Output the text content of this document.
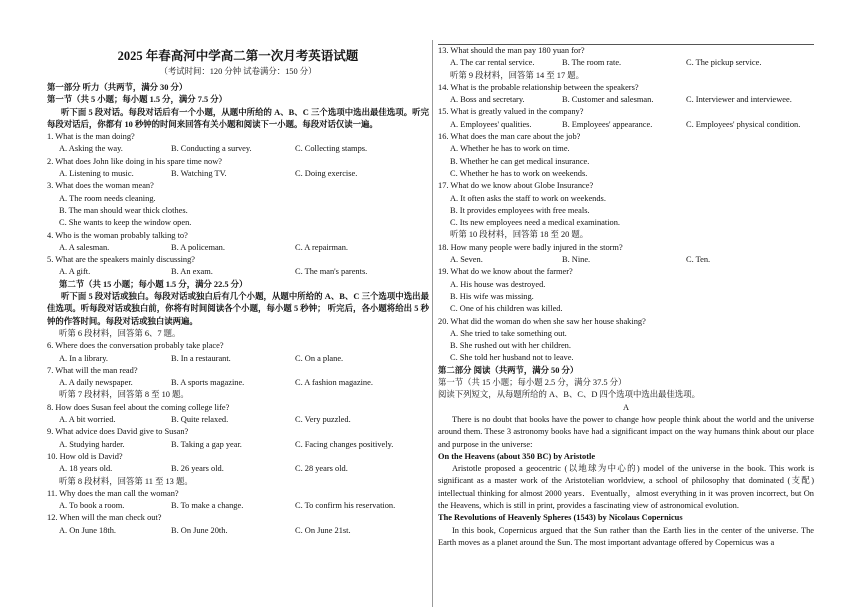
2025 年春高河中学高二第一次月考英语试题
（考试时间：120 分钟 试卷满分：150 分）
第一部分 听力（共两节，满分 30 分）
第一节（共 5 小题；每小题 1.5 分，满分 7.5 分）
听下面 5 段对话。每段对话后有一个小题，从题中所给的 A、B、C 三个选项中选出最佳选项。听完每段对话后，你都有 10 秒钟的时间来回答有关小题和阅读下一小题。每段对话仅读一遍。
1. What is the man doing?
A. Asking the way.	B. Conducting a survey.	C. Collecting stamps.
2. What does John like doing in his spare time now?
A. Listening to music.	B. Watching TV.	C. Doing exercise.
3. What does the woman mean?
A. The room needs cleaning.
B. The man should wear thick clothes.
C. She wants to keep the window open.
4. Who is the woman probably talking to?
A. A salesman.	B. A policeman.	C. A repairman.
5. What are the speakers mainly discussing?
A. A gift.	B. An exam.	C. The man's parents.
第二节（共 15 小题；每小题 1.5 分，满分 22.5 分）
听下面 5 段对话或独白。每段对话或独白后有几个小题，从题中所给的 A、B、C 三个选项中选出最佳选项。听每段对话或独白前，你将有时间阅读各个小题，每小题 5 秒钟； 听完后，各小题将给出 5 秒钟的作答时间。每段对话或独白读两遍。
听第 6 段材料，回答第 6、7 题。
6. Where does the conversation probably take place?
A. In a library.	B. In a restaurant.	C. On a plane.
7. What will the man read?
A. A daily newspaper.	B. A sports magazine.	C. A fashion magazine.
听第 7 段材料，回答第 8 至 10 题。
8. How does Susan feel about the coming college life?
A. A bit worried.	B. Quite relaxed.	C. Very puzzled.
9. What advice does David give to Susan?
A. Studying harder.	B. Taking a gap year.	C. Facing changes positively.
10. How old is David?
A. 18 years old.	B. 26 years old.	C. 28 years old.
听第 8 段材料，回答第 11 至 13 题。
11. Why does the man call the woman?
A. To book a room.	B. To make a change.	C. To confirm his reservation.
12. When will the man check out?
A. On June 18th.	B. On June 20th.	C. On June 21st.
13. What should the man pay 180 yuan for?
A. The car rental service.	B. The room rate.	C. The pickup service.
听第 9 段材料，回答第 14 至 17 题。
14. What is the probable relationship between the speakers?
A. Boss and secretary.	B. Customer and salesman.	C. Interviewer and interviewee.
15. What is greatly valued in the company?
A. Employees' qualities.	B. Employees' appearance.	C. Employees' physical condition.
16. What does the man care about the job?
A. Whether he has to work on time.
B. Whether he can get medical insurance.
C. Whether he has to work on weekends.
17. What do we know about Globe Insurance?
A. It often asks the staff to work on weekends.
B. It provides employees with free meals.
C. Its new employees need a medical examination.
听第 10 段材料，回答第 18 至 20 题。
18. How many people were badly injured in the storm?
A. Seven.	B. Nine.	C. Ten.
19. What do we know about the farmer?
A. His house was destroyed.
B. His wife was missing.
C. One of his children was killed.
20. What did the woman do when she saw her house shaking?
A. She tried to take something out.
B. She rushed out with her children.
C. She told her husband not to leave.
第二部分 阅读（共两节，满分 50 分）
第一节（共 15 小题；每小题 2.5 分，满分 37.5 分）
阅读下列短文，从每题所给的 A、B、C、D 四个选项中选出最佳选项。
A
There is no doubt that books have the power to change how people think about the world and the universe around them. These 3 astronomy books have had a significant impact on the way humans think about our place and purpose in the universe:
On the Heavens (about 350 BC) by Aristotle
Aristotle proposed a geocentric (以地球为中心的) model of the universe in the book. This work is significant as a master work of the Aristotelian worldview, a school of philosophy that dominated (支配) intellectual thinking for almost 2000 years．Eventually，almost everything in it was proven incorrect, but On the Heavens, which is still in print, provides a fascinating view of astronomical evolution.
The Revolutions of Heavenly Spheres (1543) by Nicolaus Copernicus
In this book, Copernicus argued that the Sun rather than the Earth lies in the center of the universe. The Earth moves as a planet around the Sun. The most important advantage offered by Copernicus was a
